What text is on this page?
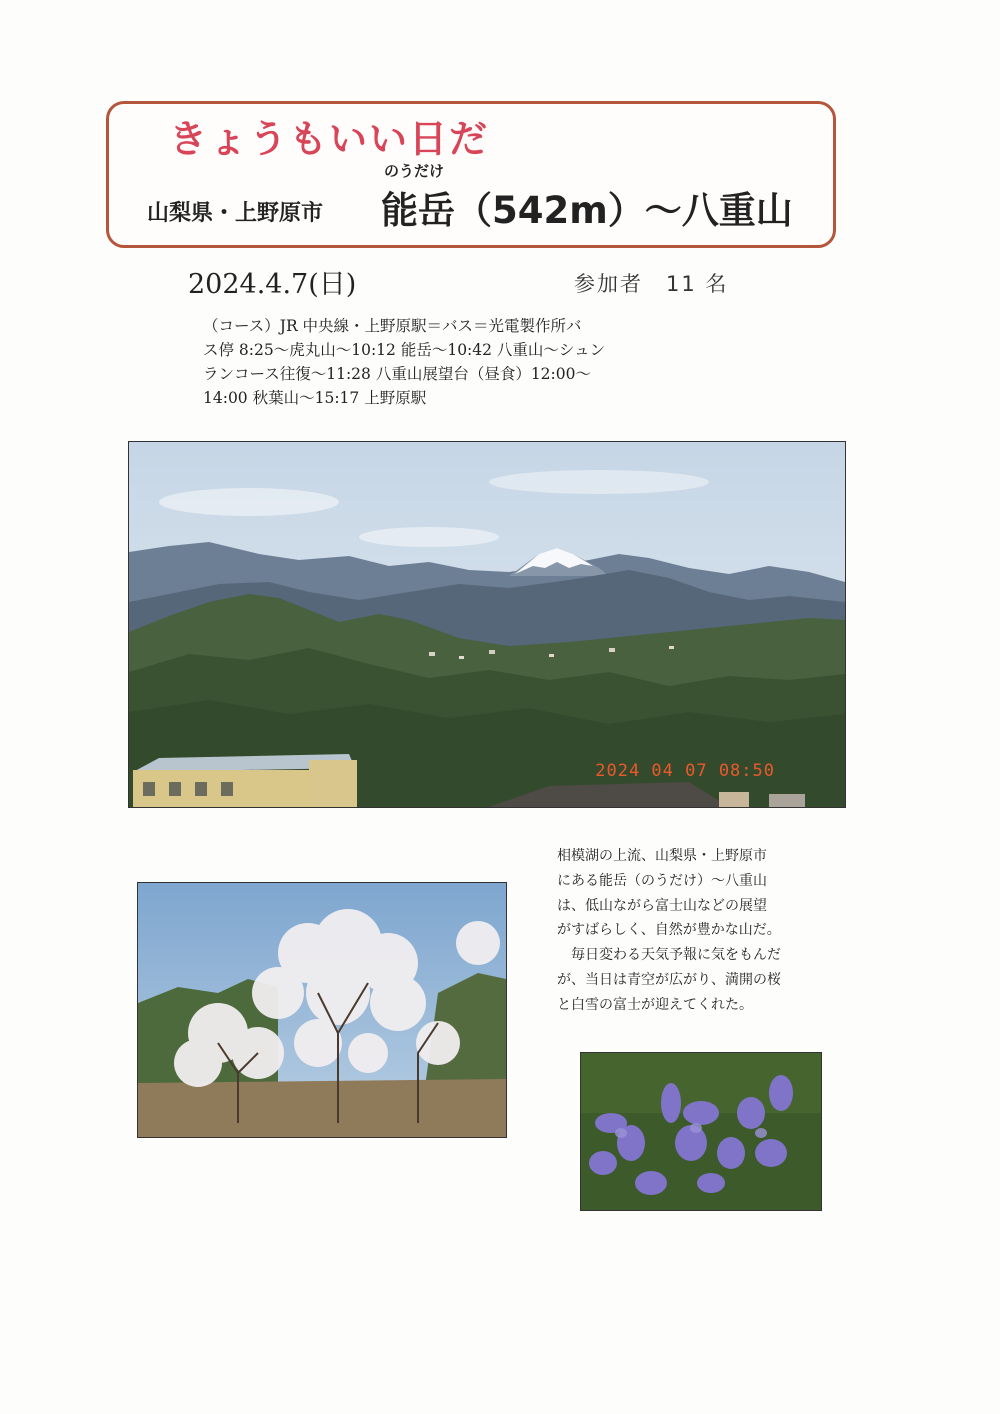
きょうもいい日だ
のうだけ
山梨県・上野原市 能岳（542m）～八重山
2024.4.7(日)	参加者　11 名
（コース）JR 中央線・上野原駅＝バス＝光電製作所バ
ス停 8:25～虎丸山～10:12 能岳～10:42 八重山～シュン
ランコース往復～11:28 八重山展望台（昼食）12:00～
14:00 秋葉山～15:17 上野原駅
2024 04 07 08:50
相模湖の上流、山梨県・上野原市
にある能岳（のうだけ）～八重山
は、低山ながら富士山などの展望
がすばらしく、自然が豊かな山だ。
　毎日変わる天気予報に気をもんだ
が、当日は青空が広がり、満開の桜
と白雪の富士が迎えてくれた。
